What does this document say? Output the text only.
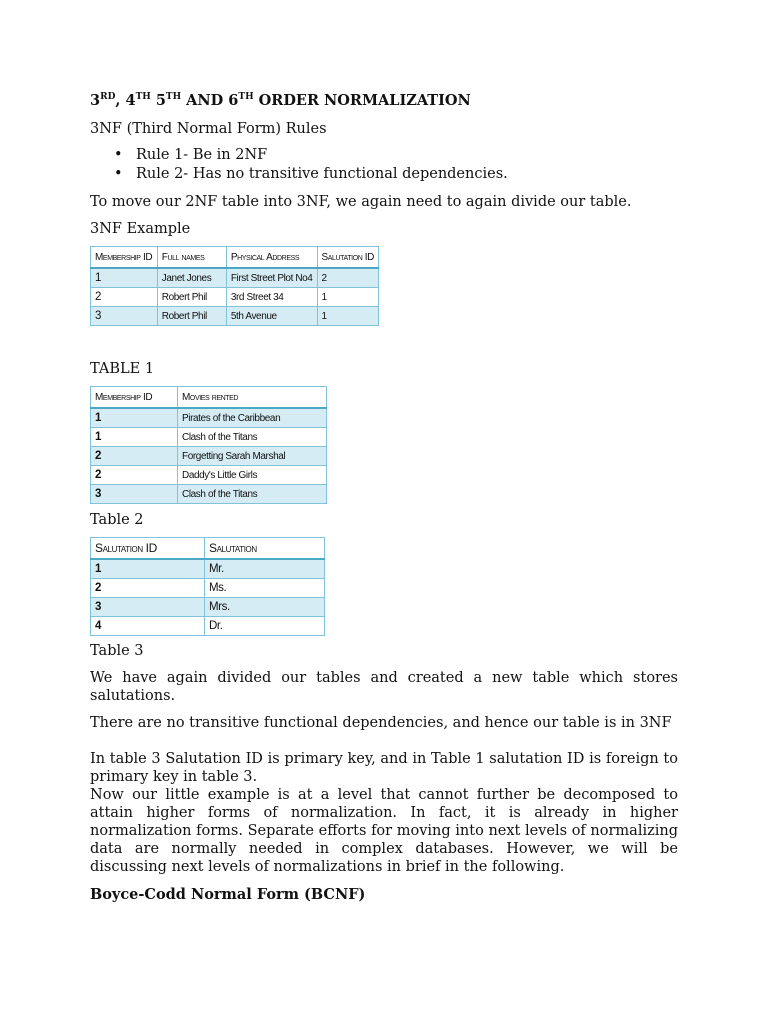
3RD, 4TH 5TH AND 6TH ORDER NORMALIZATION
3NF (Third Normal Form) Rules
• Rule 1- Be in 2NF
• Rule 2- Has no transitive functional dependencies.
To move our 2NF table into 3NF, we again need to again divide our table.
3NF Example
Membership ID	Full names	Physical Address	Salutation ID
1	Janet Jones	First Street Plot No4	2
2	Robert Phil	3rd Street 34	1
3	Robert Phil	5th Avenue	1
TABLE 1
Membership ID	Movies rented
1	Pirates of the Caribbean
1	Clash of the Titans
2	Forgetting Sarah Marshal
2	Daddy's Little Girls
3	Clash of the Titans
Table 2
Salutation ID	Salutation
1	Mr.
2	Ms.
3	Mrs.
4	Dr.
Table 3
We have again divided our tables and created a new table which stores salutations.
There are no transitive functional dependencies, and hence our table is in 3NF
In table 3 Salutation ID is primary key, and in Table 1 salutation ID is foreign to primary key in table 3.
Now our little example is at a level that cannot further be decomposed to attain higher forms of normalization. In fact, it is already in higher normalization forms. Separate efforts for moving into next levels of normalizing data are normally needed in complex databases. However, we will be discussing next levels of normalizations in brief in the following.
Boyce-Codd Normal Form (BCNF)
